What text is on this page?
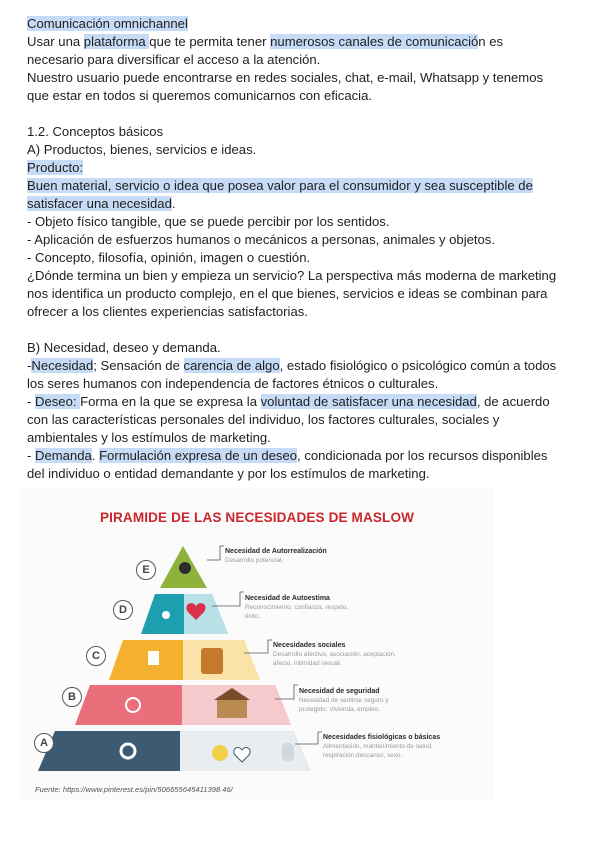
Comunicación omnichannel

Usar una plataforma que te permita tener numerosos canales de comunicación es

necesario para diversificar el acceso a la atención.

Nuestro usuario puede encontrarse en redes sociales, chat, e-mail, Whatsapp y tenemos

que estar en todos si queremos comunicarnos con eficacia.

1.2. Conceptos básicos

A) Productos, bienes, servicios e ideas.

Producto:

Buen material, servicio o idea que posea valor para el consumidor y sea susceptible de

satisfacer una necesidad.

- Objeto físico tangible, que se puede percibir por los sentidos.

- Aplicación de esfuerzos humanos o mecánicos a personas, animales y objetos.

- Concepto, filosofía, opinión, imagen o cuestión.

¿Dónde termina un bien y empieza un servicio? La perspectiva más moderna de marketing

nos identifica un producto complejo, en el que bienes, servicios e ideas se combinan para

ofrecer a los clientes experiencias satisfactorias.

B) Necesidad, deseo y demanda.

-Necesidad; Sensación de carencia de algo, estado fisiológico o psicológico común a todos

los seres humanos con independencia de factores étnicos o culturales.

- Deseo: Forma en la que se expresa la voluntad de satisfacer una necesidad, de acuerdo

con las características personales del individuo, los factores culturales, sociales y

ambientales y los estímulos de marketing.

- Demanda. Formulación expresa de un deseo, condicionada por los recursos disponibles

del individuo o entidad demandante y por los estímulos de marketing.

PIRAMIDE DE LAS NECESIDADES DE MASLOW
E
D
C
B
A
Necesidad de Autorrealización
Desarrollo potencial.
Necesidad de Autoestima
Reconocimiento, confianza, respeto, éxito.
Necesidades sociales
Desarrollo afectivo, asociación, aceptación, afecto, intimidad sexual.
Necesidad de seguridad
Necesidad de sentirse seguro y protegido: Vivienda, empleo.
Necesidades fisiológicas o básicas
Alimentación, mantenimiento de salud, respiración,descanso, sexo.
Fuente: https://www.pinterest.es/pin/506655645411398 46/
